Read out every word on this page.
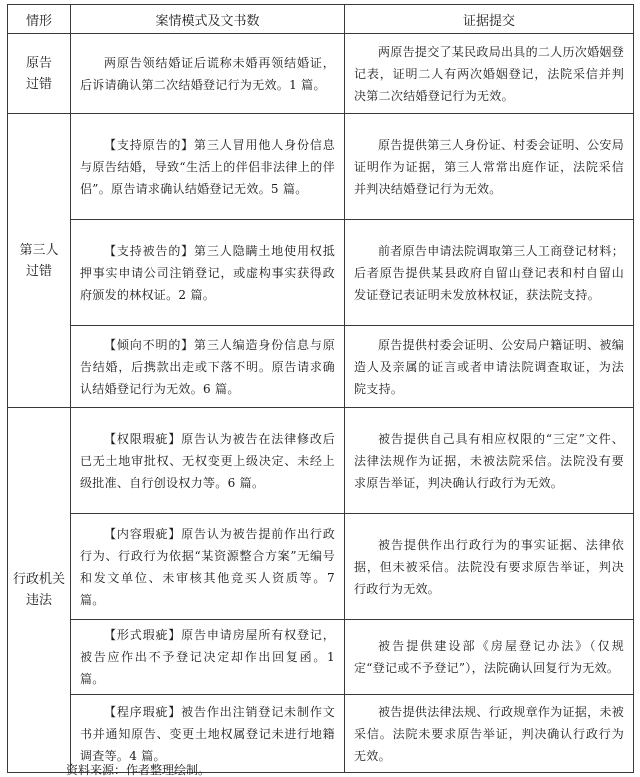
情形	案情模式及文书数	证据提交

原告
过错	两原告领结婚证后谎称未婚再领结婚证，后诉请确认第二次结婚登记行为无效。1 篇。	两原告提交了某民政局出具的二人历次婚姻登记表，证明二人有两次婚姻登记，法院采信并判决第二次结婚登记行为无效。

第三人
过错	【支持原告的】第三人冒用他人身份信息与原告结婚，导致“生活上的伴侣非法律上的伴侣”。原告请求确认结婚登记无效。5 篇。	原告提供第三人身份证、村委会证明、公安局证明作为证据，第三人常常出庭作证，法院采信并判决结婚登记行为无效。
	【支持被告的】第三人隐瞒土地使用权抵押事实申请公司注销登记，或虚构事实获得政府颁发的林权证。2 篇。	前者原告申请法院调取第三人工商登记材料；后者原告提供某县政府自留山登记表和村自留山发证登记表证明未发放林权证，获法院支持。
	【倾向不明的】第三人编造身份信息与原告结婚，后携款出走或下落不明。原告请求确认结婚登记行为无效。6 篇。	原告提供村委会证明、公安局户籍证明、被编造人及亲属的证言或者申请法院调查取证，为法院支持。

行政机关
违法	【权限瑕疵】原告认为被告在法律修改后已无土地审批权、无权变更上级决定、未经上级批准、自行创设权力等。6 篇。	被告提供自己具有相应权限的“三定”文件、法律法规作为证据，未被法院采信。法院没有要求原告举证，判决确认行政行为无效。
	【内容瑕疵】原告认为被告提前作出行政行为、行政行为依据“某资源整合方案”无编号和发文单位、未审核其他竞买人资质等。7 篇。	被告提供作出行政行为的事实证据、法律依据，但未被采信。法院没有要求原告举证，判决行政行为无效。
	【形式瑕疵】原告申请房屋所有权登记，被告应作出不予登记决定却作出回复函。1 篇。	被告提供建设部《房屋登记办法》（仅规定“登记或不予登记”），法院确认回复行为无效。
	【程序瑕疵】被告作出注销登记未制作文书并通知原告、变更土地权属登记未进行地籍调查等。4 篇。	被告提供法律法规、行政规章作为证据，未被采信。法院未要求原告举证，判决确认行政行为无效。
资料来源：作者整理绘制。
